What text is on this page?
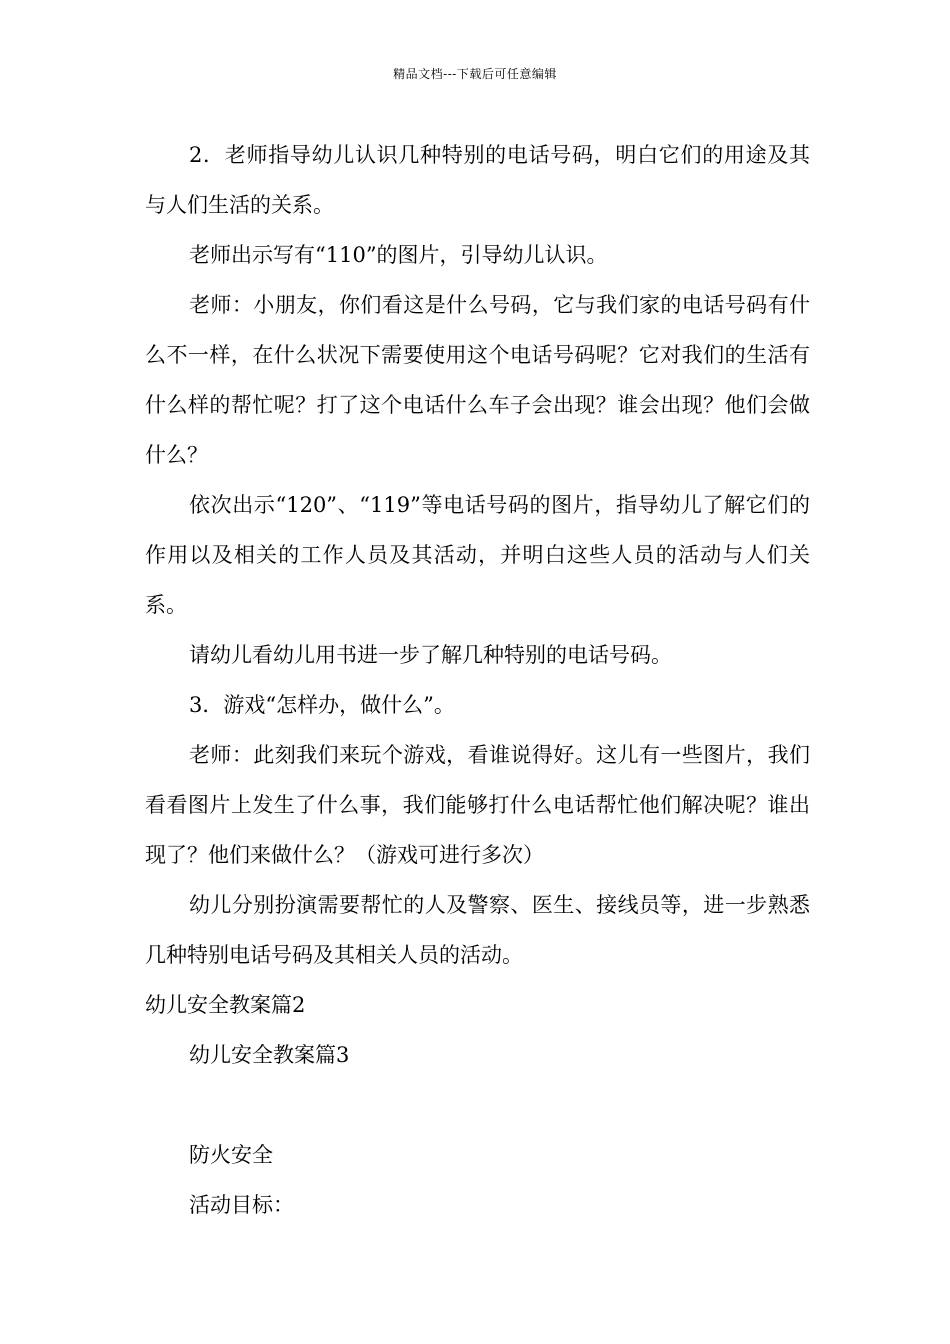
精品文档---下载后可任意编辑

2．老师指导幼儿认识几种特别的电话号码，明白它们的用途及其与人们生活的关系。

老师出示写有“110”的图片，引导幼儿认识。

老师：小朋友，你们看这是什么号码，它与我们家的电话号码有什么不一样，在什么状况下需要使用这个电话号码呢？它对我们的生活有什么样的帮忙呢？打了这个电话什么车子会出现？谁会出现？他们会做什么？

依次出示“120”、“119”等电话号码的图片，指导幼儿了解它们的作用以及相关的工作人员及其活动，并明白这些人员的活动与人们关系。

请幼儿看幼儿用书进一步了解几种特别的电话号码。

3．游戏“怎样办，做什么”。

老师：此刻我们来玩个游戏，看谁说得好。这儿有一些图片，我们看看图片上发生了什么事，我们能够打什么电话帮忙他们解决呢？谁出现了？他们来做什么？（游戏可进行多次）

幼儿分别扮演需要帮忙的人及警察、医生、接线员等，进一步熟悉几种特别电话号码及其相关人员的活动。

幼儿安全教案篇2

幼儿安全教案篇3

防火安全

活动目标：
